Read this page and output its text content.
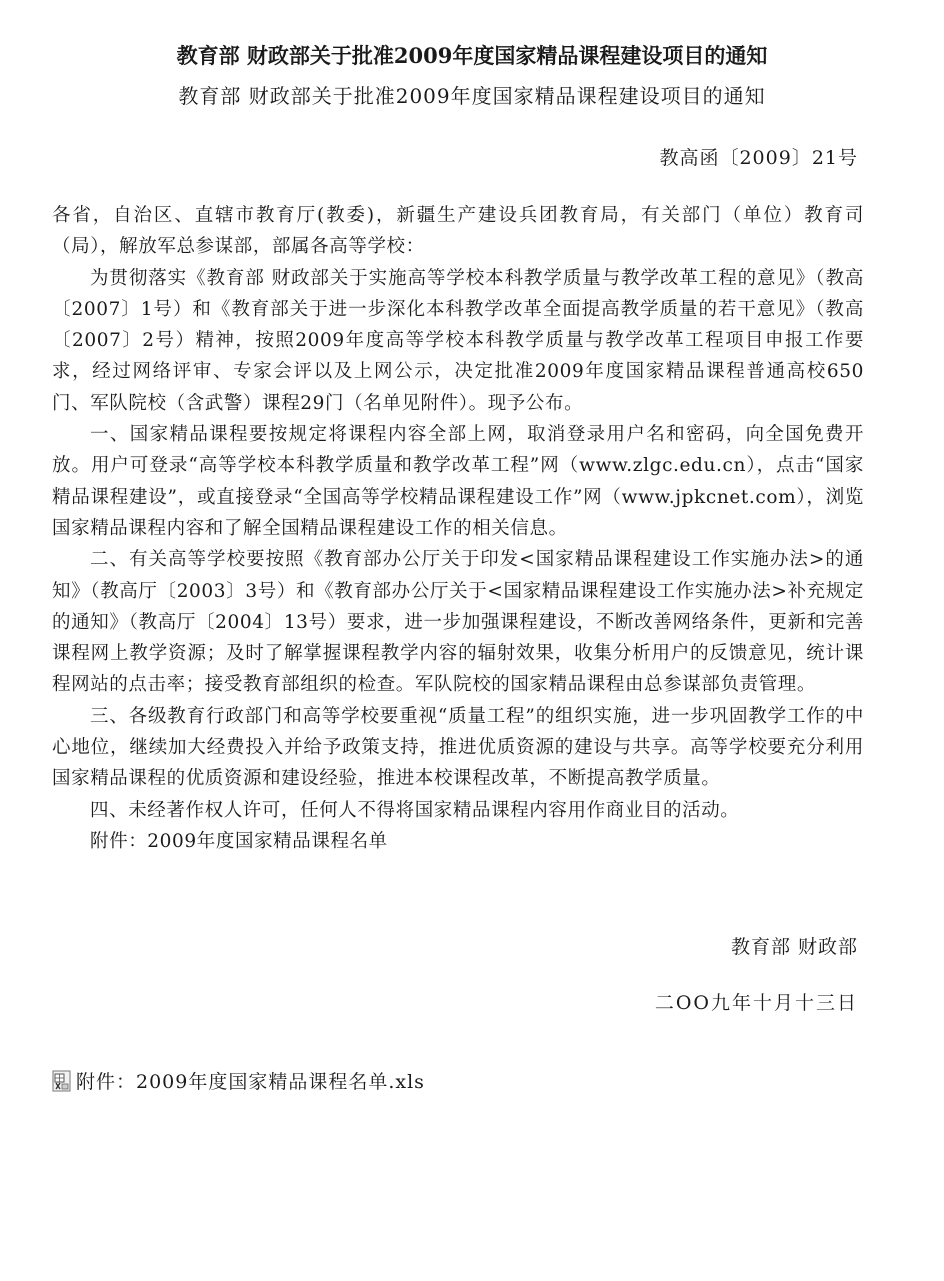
教育部 财政部关于批准2009年度国家精品课程建设项目的通知
教育部 财政部关于批准2009年度国家精品课程建设项目的通知
教高函〔2009〕21号

各省，自治区、直辖市教育厅(教委)，新疆生产建设兵团教育局，有关部门（单位）教育司（局），解放军总参谋部，部属各高等学校：

为贯彻落实《教育部 财政部关于实施高等学校本科教学质量与教学改革工程的意见》（教高〔2007〕1号）和《教育部关于进一步深化本科教学改革全面提高教学质量的若干意见》（教高〔2007〕2号）精神，按照2009年度高等学校本科教学质量与教学改革工程项目申报工作要求，经过网络评审、专家会评以及上网公示，决定批准2009年度国家精品课程普通高校650门、军队院校（含武警）课程29门（名单见附件）。现予公布。

一、国家精品课程要按规定将课程内容全部上网，取消登录用户名和密码，向全国免费开放。用户可登录“高等学校本科教学质量和教学改革工程”网（www.zlgc.edu.cn），点击“国家精品课程建设”，或直接登录“全国高等学校精品课程建设工作”网（www.jpkcnet.com），浏览国家精品课程内容和了解全国精品课程建设工作的相关信息。

二、有关高等学校要按照《教育部办公厅关于印发<国家精品课程建设工作实施办法>的通知》（教高厅〔2003〕3号）和《教育部办公厅关于<国家精品课程建设工作实施办法>补充规定的通知》（教高厅〔2004〕13号）要求，进一步加强课程建设，不断改善网络条件，更新和完善课程网上教学资源；及时了解掌握课程教学内容的辐射效果，收集分析用户的反馈意见，统计课程网站的点击率；接受教育部组织的检查。军队院校的国家精品课程由总参谋部负责管理。

三、各级教育行政部门和高等学校要重视“质量工程”的组织实施，进一步巩固教学工作的中心地位，继续加大经费投入并给予政策支持，推进优质资源的建设与共享。高等学校要充分利用国家精品课程的优质资源和建设经验，推进本校课程改革，不断提高教学质量。

四、未经著作权人许可，任何人不得将国家精品课程内容用作商业目的活动。

附件：2009年度国家精品课程名单

教育部 财政部
二OO九年十月十三日
附件：2009年度国家精品课程名单.xls
